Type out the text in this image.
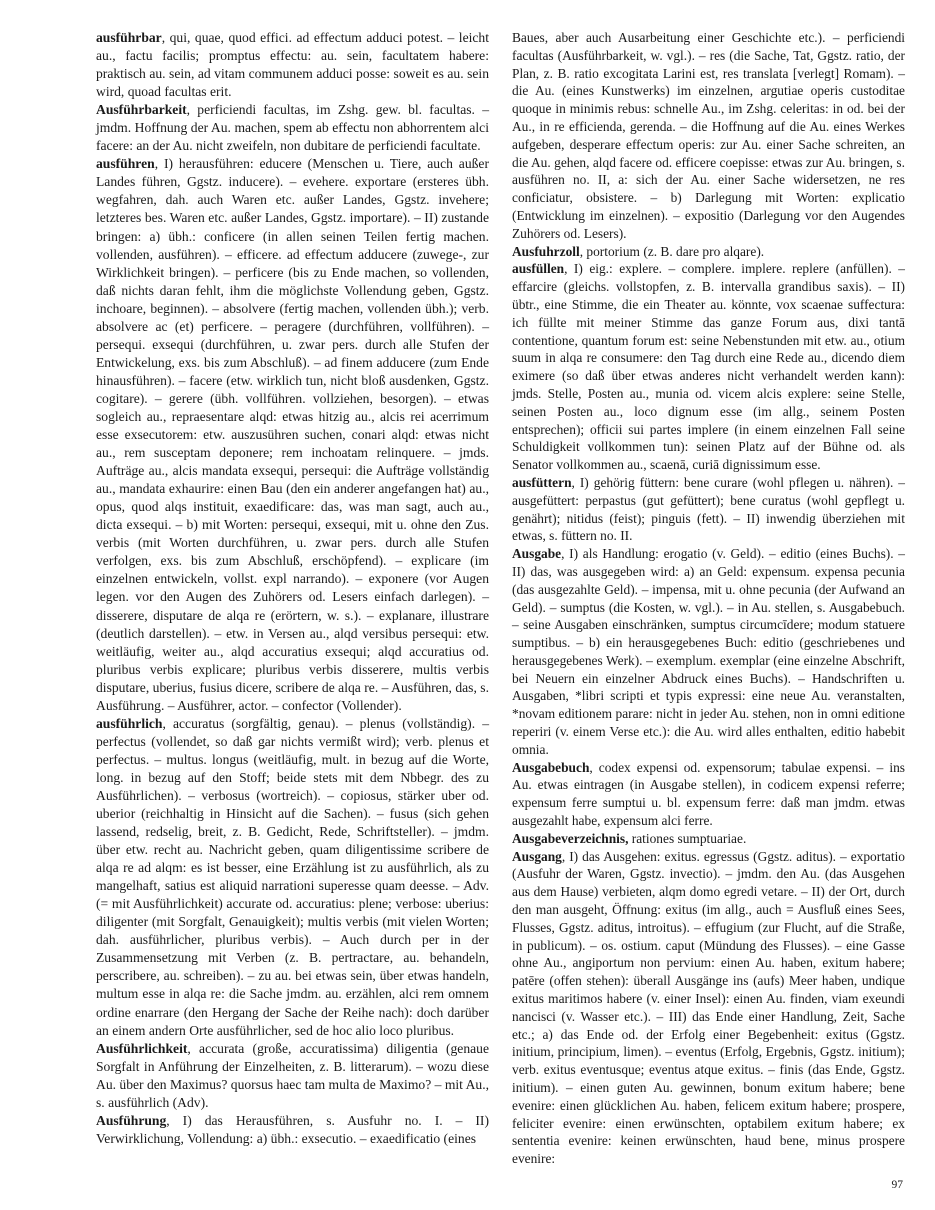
ausführbar, qui, quae, quod effici. ad effectum adduci potest. – leicht au., factu facilis; promptus effectu: au. sein, facultatem habere: praktisch au. sein, ad vitam communem adduci posse: soweit es au. sein wird, quoad facultas erit.

Ausführbarkeit, perficiendi facultas, im Zshg. gew. bl. facultas. – jmdm. Hoffnung der Au. machen, spem ab effectu non abhorrentem alci facere: an der Au. nicht zweifeln, non dubitare de perficiendi facultate.

ausführen, I) herausführen: educere (Menschen u. Tiere, auch außer Landes führen, Ggstz. inducere). – evehere. exportare (ersteres übh. wegfahren, dah. auch Waren etc. außer Landes, Ggstz. invehere; letzteres bes. Waren etc. außer Landes, Ggstz. importare). – II) zustande bringen: a) übh.: conficere (in allen seinen Teilen fertig machen. vollenden, ausführen). – efficere. ad effectum adducere (zuwege-, zur Wirklichkeit bringen). – perficere (bis zu Ende machen, so vollenden, daß nichts daran fehlt, ihm die möglichste Vollendung geben, Ggstz. inchoare, beginnen). – absolvere (fertig machen, vollenden übh.); verb. absolvere ac (et) perficere. – peragere (durchführen, vollführen). – persequi. exsequi (durchführen, u. zwar pers. durch alle Stufen der Entwickelung, exs. bis zum Abschluß). – ad finem adducere (zum Ende hinausführen). – facere (etw. wirklich tun, nicht bloß ausdenken, Ggstz. cogitare). – gerere (übh. vollführen. vollziehen, besorgen). – etwas sogleich au., repraesentare alqd: etwas hitzig au., alcis rei acerrimum esse exsecutorem: etw. auszusühren suchen, conari alqd: etwas nicht au., rem susceptam deponere; rem inchoatam relinquere. – jmds. Aufträge au., alcis mandata exsequi, persequi: die Aufträge vollständig au., mandata exhaurire: einen Bau (den ein anderer angefangen hat) au., opus, quod alqs instituit, exaedificare: das, was man sagt, auch au., dicta exsequi. – b) mit Worten: persequi, exsequi, mit u. ohne den Zus. verbis (mit Worten durchführen, u. zwar pers. durch alle Stufen verfolgen, exs. bis zum Abschluß, erschöpfend). – explicare (im einzelnen entwickeln, vollst. expl narrando). – exponere (vor Augen legen. vor den Augen des Zuhörers od. Lesers einfach darlegen). – disserere, disputare de alqa re (erörtern, w. s.). – explanare, illustrare (deutlich darstellen). – etw. in Versen au., alqd versibus persequi: etw. weitläufig, weiter au., alqd accuratius exsequi; alqd accuratius od. pluribus verbis explicare; pluribus verbis disserere, multis verbis disputare, uberius, fusius dicere, scribere de alqa re. – Ausführen, das, s. Ausführung. – Ausführer, actor. – confector (Vollender).

ausführlich, accuratus (sorgfältig, genau). – plenus (vollständig). – perfectus (vollendet, so daß gar nichts vermißt wird); verb. plenus et perfectus. – multus. longus (weitläufig, mult. in bezug auf die Worte, long. in bezug auf den Stoff; beide stets mit dem Nbbegr. des zu Ausführlichen). – verbosus (wortreich). – copiosus, stärker uber od. uberior (reichhaltig in Hinsicht auf die Sachen). – fusus (sich gehen lassend, redselig, breit, z. B. Gedicht, Rede, Schriftsteller). – jmdm. über etw. recht au. Nachricht geben, quam diligentissime scribere de alqa re ad alqm: es ist besser, eine Erzählung ist zu ausführlich, als zu mangelhaft, satius est aliquid narrationi superesse quam deesse. – Adv. (= mit Ausführlichkeit) accurate od. accuratius: plene; verbose: uberius: diligenter (mit Sorgfalt, Genauigkeit); multis verbis (mit vielen Worten; dah. ausführlicher, pluribus verbis). – Auch durch per in der Zusammensetzung mit Verben (z. B. pertractare, au. behandeln, perscribere, au. schreiben). – zu au. bei etwas sein, über etwas handeln, multum esse in alqa re: die Sache jmdm. au. erzählen, alci rem omnem ordine enarrare (den Hergang der Sache der Reihe nach): doch darüber an einem andern Orte ausführlicher, sed de hoc alio loco pluribus.

Ausführlichkeit, accurata (große, accuratissima) diligentia (genaue Sorgfalt in Anführung der Einzelheiten, z. B. litterarum). – wozu diese Au. über den Maximus? quorsus haec tam multa de Maximo? – mit Au., s. ausführlich (Adv).

Ausführung, I) das Herausführen, s. Ausfuhr no. I. – II) Verwirklichung, Vollendung: a) übh.: exsecutio. – exaedificatio (eines

Baues, aber auch Ausarbeitung einer Geschichte etc.). – perficiendi facultas (Ausführbarkeit, w. vgl.). – res (die Sache, Tat, Ggstz. ratio, der Plan, z. B. ratio excogitata Larini est, res translata [verlegt] Romam). – die Au. (eines Kunstwerks) im einzelnen, argutiae operis custoditae quoque in minimis rebus: schnelle Au., im Zshg. celeritas: in od. bei der Au., in re efficienda, gerenda. – die Hoffnung auf die Au. eines Werkes aufgeben, desperare effectum operis: zur Au. einer Sache schreiten, an die Au. gehen, alqd facere od. efficere coepisse: etwas zur Au. bringen, s. ausführen no. II, a: sich der Au. einer Sache widersetzen, ne res conficiatur, obsistere. – b) Darlegung mit Worten: explicatio (Entwicklung im einzelnen). – expositio (Darlegung vor den Augendes Zuhörers od. Lesers).

Ausfuhrzoll, portorium (z. B. dare pro alqare).

ausfüllen, I) eig.: explere. – complere. implere. replere (anfüllen). – effarcire (gleichs. vollstopfen, z. B. intervalla grandibus saxis). – II) übtr., eine Stimme, die ein Theater au. könnte, vox scaenae suffectura: ich füllte mit meiner Stimme das ganze Forum aus, dixi tantā contentione, quantum forum est: seine Nebenstunden mit etw. au., otium suum in alqa re consumere: den Tag durch eine Rede au., dicendo diem eximere (so daß über etwas anderes nicht verhandelt werden kann): jmds. Stelle, Posten au., munia od. vicem alcis explere: seine Stelle, seinen Posten au., loco dignum esse (im allg., seinem Posten entsprechen); officii sui partes implere (in einem einzelnen Fall seine Schuldigkeit vollkommen tun): seinen Platz auf der Bühne od. als Senator vollkommen au., scaenā, curiā dignissimum esse.

ausfüttern, I) gehörig füttern: bene curare (wohl pflegen u. nähren). – ausgefüttert: perpastus (gut gefüttert); bene curatus (wohl gepflegt u. genährt); nitidus (feist); pinguis (fett). – II) inwendig überziehen mit etwas, s. füttern no. II.

Ausgabe, I) als Handlung: erogatio (v. Geld). – editio (eines Buchs). – II) das, was ausgegeben wird: a) an Geld: expensum. expensa pecunia (das ausgezahlte Geld). – impensa, mit u. ohne pecunia (der Aufwand an Geld). – sumptus (die Kosten, w. vgl.). – in Au. stellen, s. Ausgabebuch. – seine Ausgaben einschränken, sumptus circumcīdere; modum statuere sumptibus. – b) ein herausgegebenes Buch: editio (geschriebenes und herausgegebenes Werk). – exemplum. exemplar (eine einzelne Abschrift, bei Neuern ein einzelner Abdruck eines Buchs). – Handschriften u. Ausgaben, *libri scripti et typis expressi: eine neue Au. veranstalten, *novam editionem parare: nicht in jeder Au. stehen, non in omni editione reperiri (v. einem Verse etc.): die Au. wird alles enthalten, editio habebit omnia.

Ausgabebuch, codex expensi od. expensorum; tabulae expensi. – ins Au. etwas eintragen (in Ausgabe stellen), in codicem expensi referre; expensum ferre sumptui u. bl. expensum ferre: daß man jmdm. etwas ausgezahlt habe, expensum alci ferre.

Ausgabeverzeichnis, rationes sumptuariae.

Ausgang, I) das Ausgehen: exitus. egressus (Ggstz. aditus). – exportatio (Ausfuhr der Waren, Ggstz. invectio). – jmdm. den Au. (das Ausgehen aus dem Hause) verbieten, alqm domo egredi vetare. – II) der Ort, durch den man ausgeht, Öffnung: exitus (im allg., auch = Ausfluß eines Sees, Flusses, Ggstz. aditus, introitus). – effugium (zur Flucht, auf die Straße, in publicum). – os. ostium. caput (Mündung des Flusses). – eine Gasse ohne Au., angiportum non pervium: einen Au. haben, exitum habere; patēre (offen stehen): überall Ausgänge ins (aufs) Meer haben, undique exitus maritimos habere (v. einer Insel): einen Au. finden, viam exeundi nancisci (v. Wasser etc.). – III) das Ende einer Handlung, Zeit, Sache etc.; a) das Ende od. der Erfolg einer Begebenheit: exitus (Ggstz. initium, principium, limen). – eventus (Erfolg, Ergebnis, Ggstz. initium); verb. exitus eventusque; eventus atque exitus. – finis (das Ende, Ggstz. initium). – einen guten Au. gewinnen, bonum exitum habere; bene evenire: einen glücklichen Au. haben, felicem exitum habere; prospere, feliciter evenire: einen erwünschten, optabilem exitum habere; ex sententia evenire: keinen erwünschten, haud bene, minus prospere evenire:

97
